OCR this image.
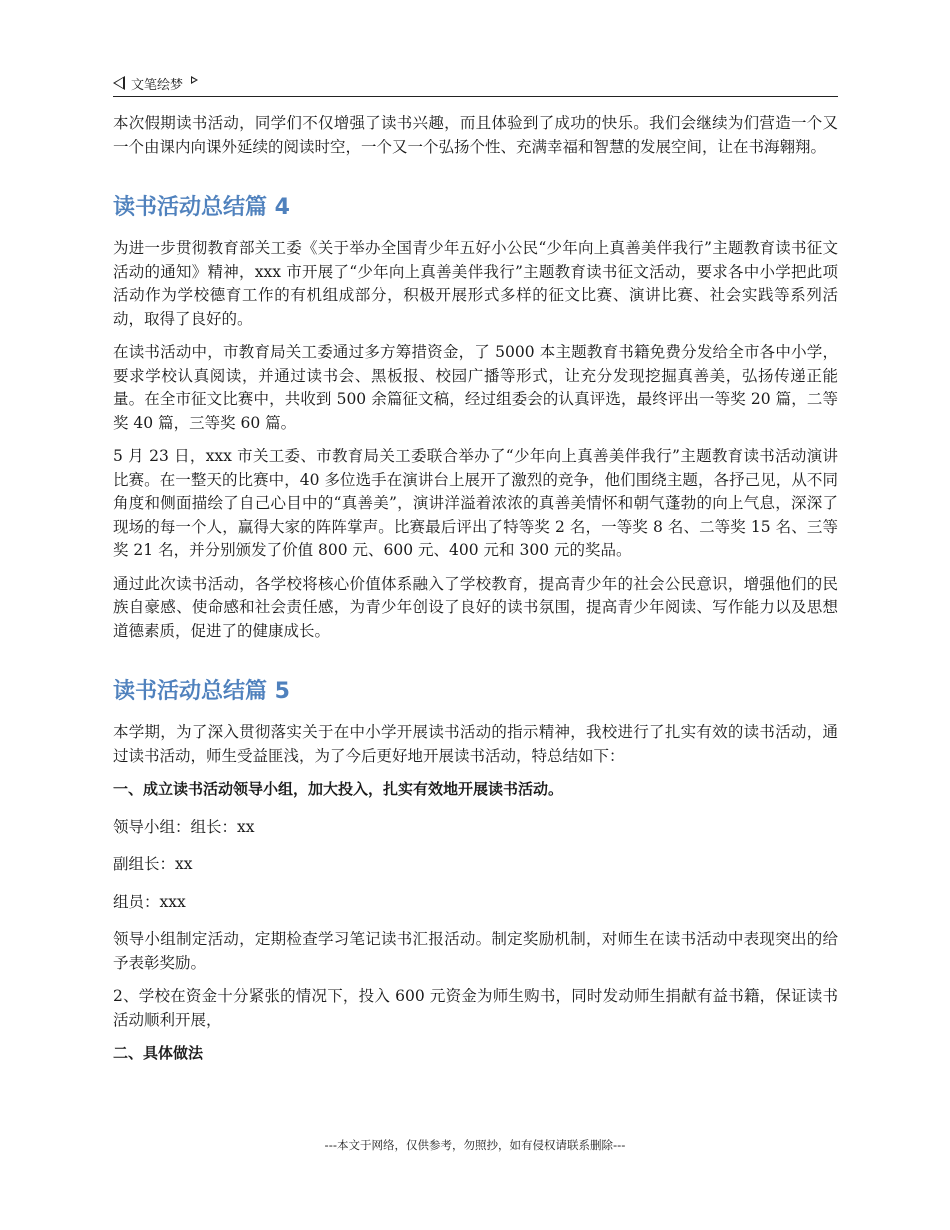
文笔绘梦

本次假期读书活动，同学们不仅增强了读书兴趣，而且体验到了成功的快乐。我们会继续为们营造一个又一个由课内向课外延续的阅读时空，一个又一个弘扬个性、充满幸福和智慧的发展空间，让在书海翱翔。

读书活动总结篇 4

为进一步贯彻教育部关工委《关于举办全国青少年五好小公民“少年向上真善美伴我行”主题教育读书征文活动的通知》精神，xxx 市开展了“少年向上真善美伴我行”主题教育读书征文活动，要求各中小学把此项活动作为学校德育工作的有机组成部分，积极开展形式多样的征文比赛、演讲比赛、社会实践等系列活动，取得了良好的。

在读书活动中，市教育局关工委通过多方筹措资金，了 5000 本主题教育书籍免费分发给全市各中小学，要求学校认真阅读，并通过读书会、黑板报、校园广播等形式，让充分发现挖掘真善美，弘扬传递正能量。在全市征文比赛中，共收到 500 余篇征文稿，经过组委会的认真评选，最终评出一等奖 20 篇，二等奖 40 篇，三等奖 60 篇。

5 月 23 日，xxx 市关工委、市教育局关工委联合举办了“少年向上真善美伴我行”主题教育读书活动演讲比赛。在一整天的比赛中，40 多位选手在演讲台上展开了激烈的竞争，他们围绕主题，各抒己见，从不同角度和侧面描绘了自己心目中的“真善美”，演讲洋溢着浓浓的真善美情怀和朝气蓬勃的向上气息，深深了现场的每一个人，赢得大家的阵阵掌声。比赛最后评出了特等奖 2 名，一等奖 8 名、二等奖 15 名、三等奖 21 名，并分别颁发了价值 800 元、600 元、400 元和 300 元的奖品。

通过此次读书活动，各学校将核心价值体系融入了学校教育，提高青少年的社会公民意识，增强他们的民族自豪感、使命感和社会责任感，为青少年创设了良好的读书氛围，提高青少年阅读、写作能力以及思想道德素质，促进了的健康成长。

读书活动总结篇 5

本学期，为了深入贯彻落实关于在中小学开展读书活动的指示精神，我校进行了扎实有效的读书活动，通过读书活动，师生受益匪浅，为了今后更好地开展读书活动，特总结如下：

一、成立读书活动领导小组，加大投入，扎实有效地开展读书活动。

领导小组：组长：xx

副组长：xx

组员：xxx

领导小组制定活动，定期检查学习笔记读书汇报活动。制定奖励机制，对师生在读书活动中表现突出的给予表彰奖励。

2、学校在资金十分紧张的情况下，投入 600 元资金为师生购书，同时发动师生捐献有益书籍，保证读书活动顺利开展，

二、具体做法

---本文于网络，仅供参考，勿照抄，如有侵权请联系删除---
